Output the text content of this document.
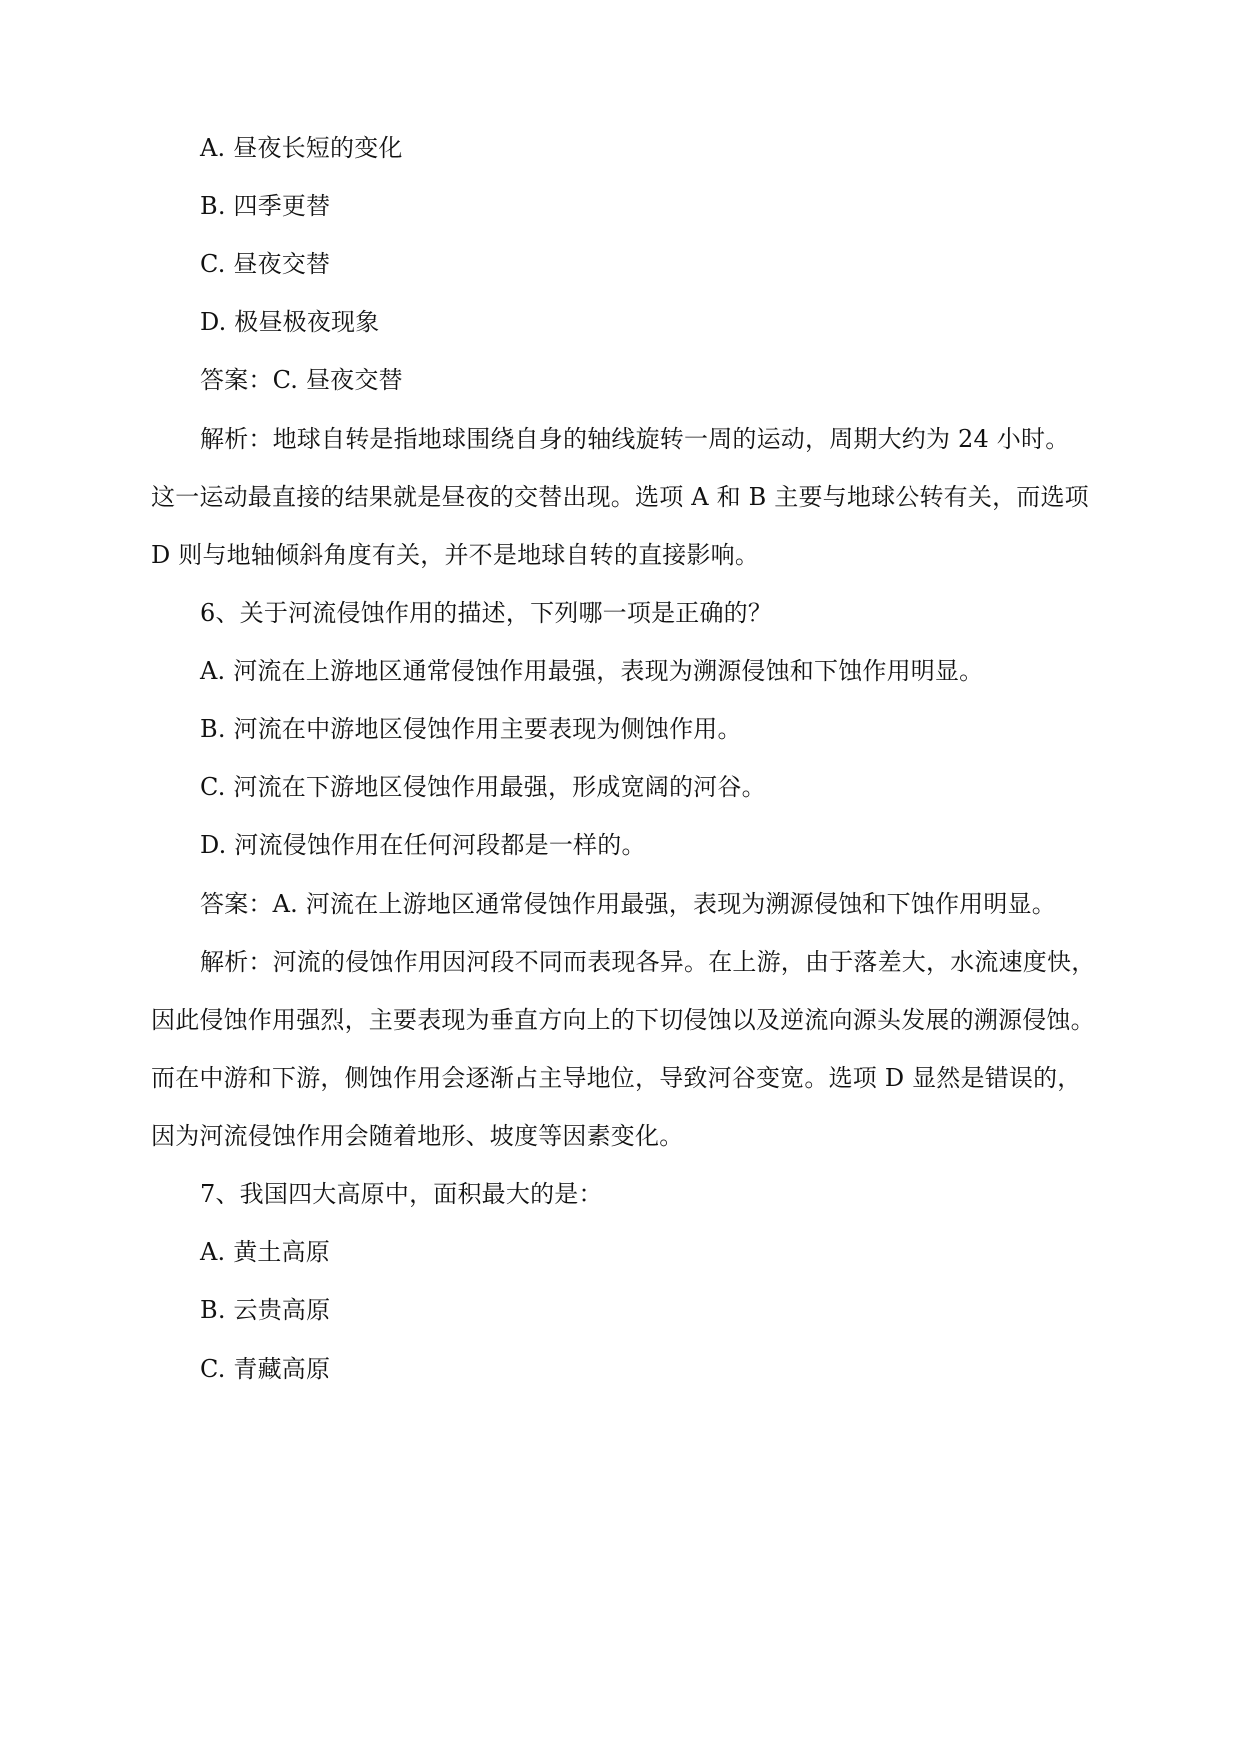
A. 昼夜长短的变化
B. 四季更替
C. 昼夜交替
D. 极昼极夜现象
答案：C. 昼夜交替
解析：地球自转是指地球围绕自身的轴线旋转一周的运动，周期大约为 24 小时。
这一运动最直接的结果就是昼夜的交替出现。选项 A 和 B 主要与地球公转有关，而选项
D 则与地轴倾斜角度有关，并不是地球自转的直接影响。
6、关于河流侵蚀作用的描述，下列哪一项是正确的？
A. 河流在上游地区通常侵蚀作用最强，表现为溯源侵蚀和下蚀作用明显。
B. 河流在中游地区侵蚀作用主要表现为侧蚀作用。
C. 河流在下游地区侵蚀作用最强，形成宽阔的河谷。
D. 河流侵蚀作用在任何河段都是一样的。
答案：A. 河流在上游地区通常侵蚀作用最强，表现为溯源侵蚀和下蚀作用明显。
解析：河流的侵蚀作用因河段不同而表现各异。在上游，由于落差大，水流速度快，
因此侵蚀作用强烈，主要表现为垂直方向上的下切侵蚀以及逆流向源头发展的溯源侵蚀。
而在中游和下游，侧蚀作用会逐渐占主导地位，导致河谷变宽。选项 D 显然是错误的，
因为河流侵蚀作用会随着地形、坡度等因素变化。
7、我国四大高原中，面积最大的是：
A. 黄土高原
B. 云贵高原
C. 青藏高原
